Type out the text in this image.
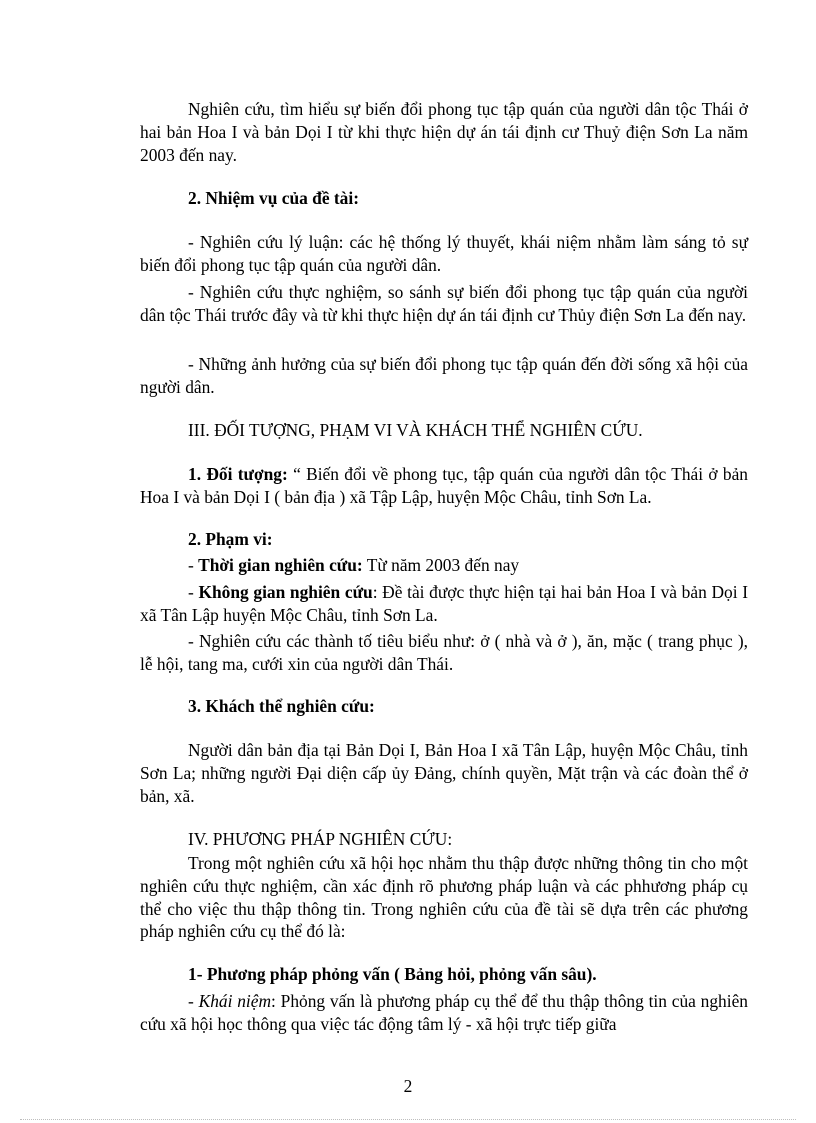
Nghiên cứu, tìm hiểu sự biến đổi phong tục tập quán của người dân tộc Thái ở hai bản Hoa I và bản Dọi I từ khi thực hiện dự án tái định cư Thuỷ điện Sơn La năm 2003 đến nay.

2. Nhiệm vụ của đề tài:

- Nghiên cứu lý luận: các hệ thống lý thuyết, khái niệm nhằm làm sáng tỏ sự biến đổi phong tục tập quán của người dân.

- Nghiên cứu thực nghiệm, so sánh sự biến đổi phong tục tập quán của người dân tộc Thái trước đây và từ khi thực hiện dự án tái định cư Thủy điện Sơn La đến nay.

- Những ảnh hưởng của sự biến đổi phong tục tập quán đến đời sống xã hội của người dân.

III. ĐỐI TƯỢNG, PHẠM VI VÀ KHÁCH THỂ NGHIÊN CỨU.

1. Đối tượng: “ Biến đổi về phong tục, tập quán của người dân tộc Thái ở bản Hoa I và bản Dọi I ( bản địa ) xã Tập Lập, huyện Mộc Châu, tỉnh Sơn La.

2. Phạm vi:

- Thời gian nghiên cứu: Từ năm 2003 đến nay

- Không gian nghiên cứu: Đề tài được thực hiện tại hai bản Hoa I và bản Dọi I xã Tân Lập huyện Mộc Châu, tỉnh Sơn La.

- Nghiên cứu các thành tố tiêu biểu như: ở ( nhà và ở ), ăn, mặc ( trang phục ), lễ hội, tang ma, cưới xin của người dân Thái.

3. Khách thể nghiên cứu:

Người dân bản địa tại Bản Dọi I, Bản Hoa I xã Tân Lập, huyện Mộc Châu, tỉnh Sơn La; những người Đại diện cấp ủy Đảng, chính quyền, Mặt trận và các đoàn thể ở bản, xã.

IV. PHƯƠNG PHÁP NGHIÊN CỨU:

Trong một nghiên cứu xã hội học nhằm thu thập được những thông tin cho một nghiên cứu thực nghiệm, cần xác định rõ phương pháp luận và các phhương pháp cụ thể cho việc thu thập thông tin. Trong nghiên cứu của đề tài sẽ dựa trên các phương pháp nghiên cứu cụ thể đó là:

1- Phương pháp phỏng vấn ( Bảng hỏi, phỏng vấn sâu).

- Khái niệm: Phỏng vấn là phương pháp cụ thể để thu thập thông tin của nghiên cứu xã hội học thông qua việc tác động tâm lý - xã hội trực tiếp giữa

2
